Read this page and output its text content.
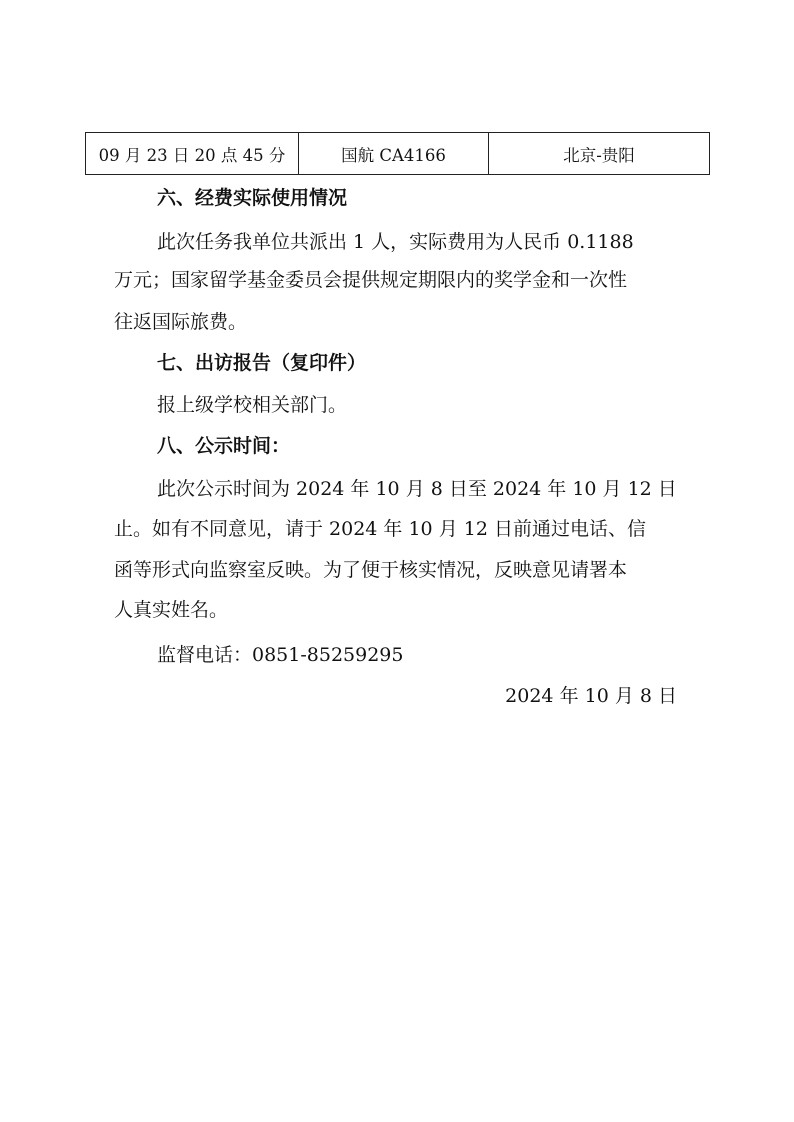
09 月 23 日 20 点 45 分	国航 CA4166	北京-贵阳
六、经费实际使用情况
此次任务我单位共派出 1 人，实际费用为人民币 0.1188
万元；国家留学基金委员会提供规定期限内的奖学金和一次性
往返国际旅费。
七、出访报告（复印件）
报上级学校相关部门。
八、公示时间：
此次公示时间为 2024 年 10 月 8 日至 2024 年 10 月 12 日
止。如有不同意见，请于 2024 年 10 月 12 日前通过电话、信
函等形式向监察室反映。为了便于核实情况，反映意见请署本
人真实姓名。
监督电话：0851-85259295
2024 年 10 月 8 日
